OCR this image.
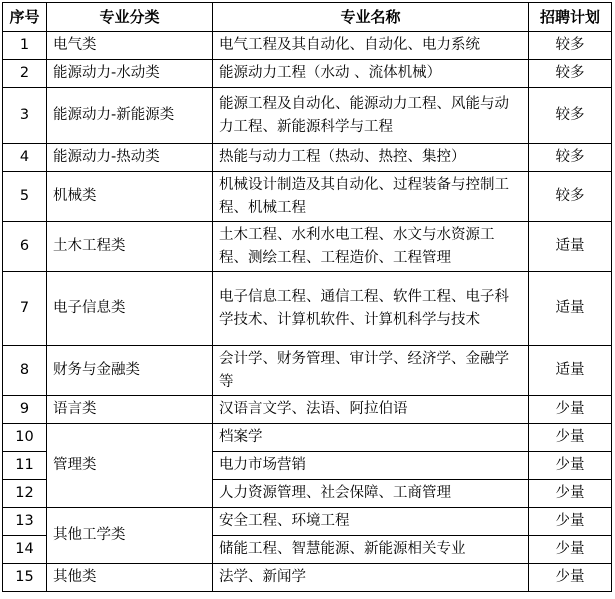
序号	专业分类	专业名称	招聘计划
1	电气类	电气工程及其自动化、自动化、电力系统	较多
2	能源动力-水动类	能源动力工程（水动 、流体机械）	较多
3	能源动力-新能源类	能源工程及自动化、能源动力工程、风能与动力工程、新能源科学与工程	较多
4	能源动力-热动类	热能与动力工程（热动、热控、集控）	较多
5	机械类	机械设计制造及其自动化、过程装备与控制工程、机械工程	较多
6	土木工程类	土木工程、水利水电工程、水文与水资源工程、测绘工程、工程造价、工程管理	适量
7	电子信息类	电子信息工程、通信工程、软件工程、电子科学技术、计算机软件、计算机科学与技术	适量
8	财务与金融类	会计学、财务管理、审计学、经济学、金融学等	适量
9	语言类	汉语言文学、法语、阿拉伯语	少量
10	管理类	档案学	少量
11		电力市场营销	少量
12		人力资源管理、社会保障、工商管理	少量
13	其他工学类	安全工程、环境工程	少量
14		储能工程、智慧能源、新能源相关专业	少量
15	其他类	法学、新闻学	少量
